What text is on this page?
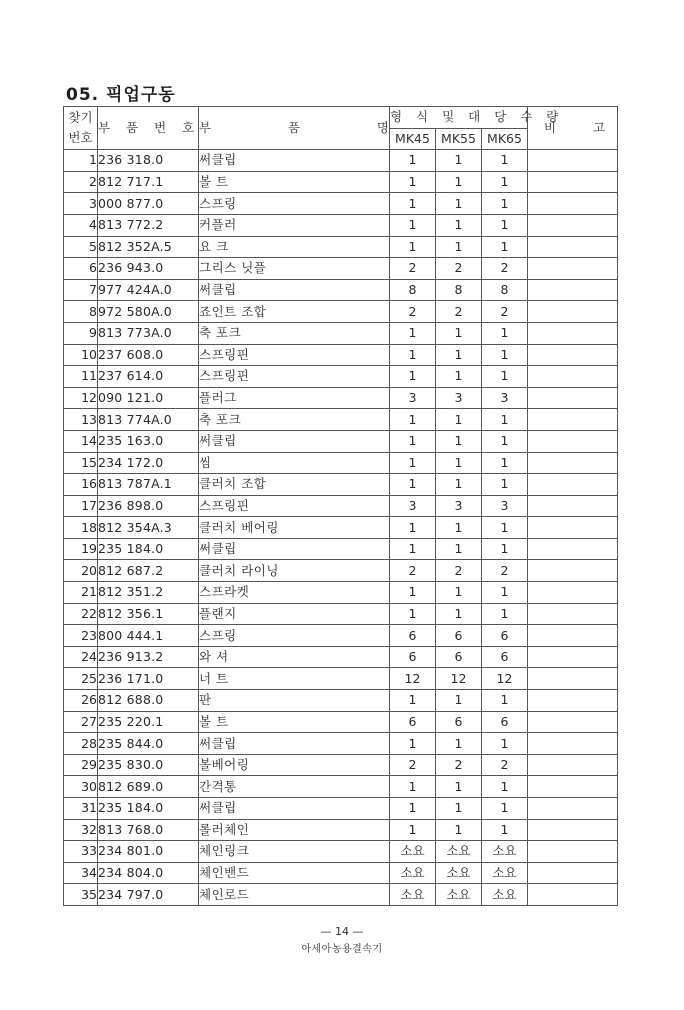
05. 픽업구동
찾기
번호	부 품 번 호	부 품 명	형 식 및 대 당 수 량			비 고

			MK45	MK55	MK65	
1	236 318.0	써클립	1	1	1	
2	812 717.1	볼 트	1	1	1	
3	000 877.0	스프링	1	1	1	
4	813 772.2	커플러	1	1	1	
5	812 352A.5	요 크	1	1	1	
6	236 943.0	그리스 닛플	2	2	2	
7	977 424A.0	써클립	8	8	8	
8	972 580A.0	죠인트 조합	2	2	2	
9	813 773A.0	축 포크	1	1	1	
10	237 608.0	스프링핀	1	1	1	
11	237 614.0	스프링핀	1	1	1	
12	090 121.0	플러그	3	3	3	
13	813 774A.0	축 포크	1	1	1	
14	235 163.0	써클립	1	1	1	
15	234 172.0	씸	1	1	1	
16	813 787A.1	클러치 조합	1	1	1	
17	236 898.0	스프링핀	3	3	3	
18	812 354A.3	클러치 베어링	1	1	1	
19	235 184.0	써클립	1	1	1	
20	812 687.2	클러치 라이닝	2	2	2	
21	812 351.2	스프라켓	1	1	1	
22	812 356.1	플랜지	1	1	1	
23	800 444.1	스프링	6	6	6	
24	236 913.2	와 셔	6	6	6	
25	236 171.0	너 트	12	12	12	
26	812 688.0	판	1	1	1	
27	235 220.1	볼 트	6	6	6	
28	235 844.0	써클립	1	1	1	
29	235 830.0	볼베어링	2	2	2	
30	812 689.0	간격통	1	1	1	
31	235 184.0	써클립	1	1	1	
32	813 768.0	롤러체인	1	1	1	
33	234 801.0	체인링크	소요	소요	소요	
34	234 804.0	체인밴드	소요	소요	소요	
35	234 797.0	체인로드	소요	소요	소요	
— 14 —
아세아농용결속기
